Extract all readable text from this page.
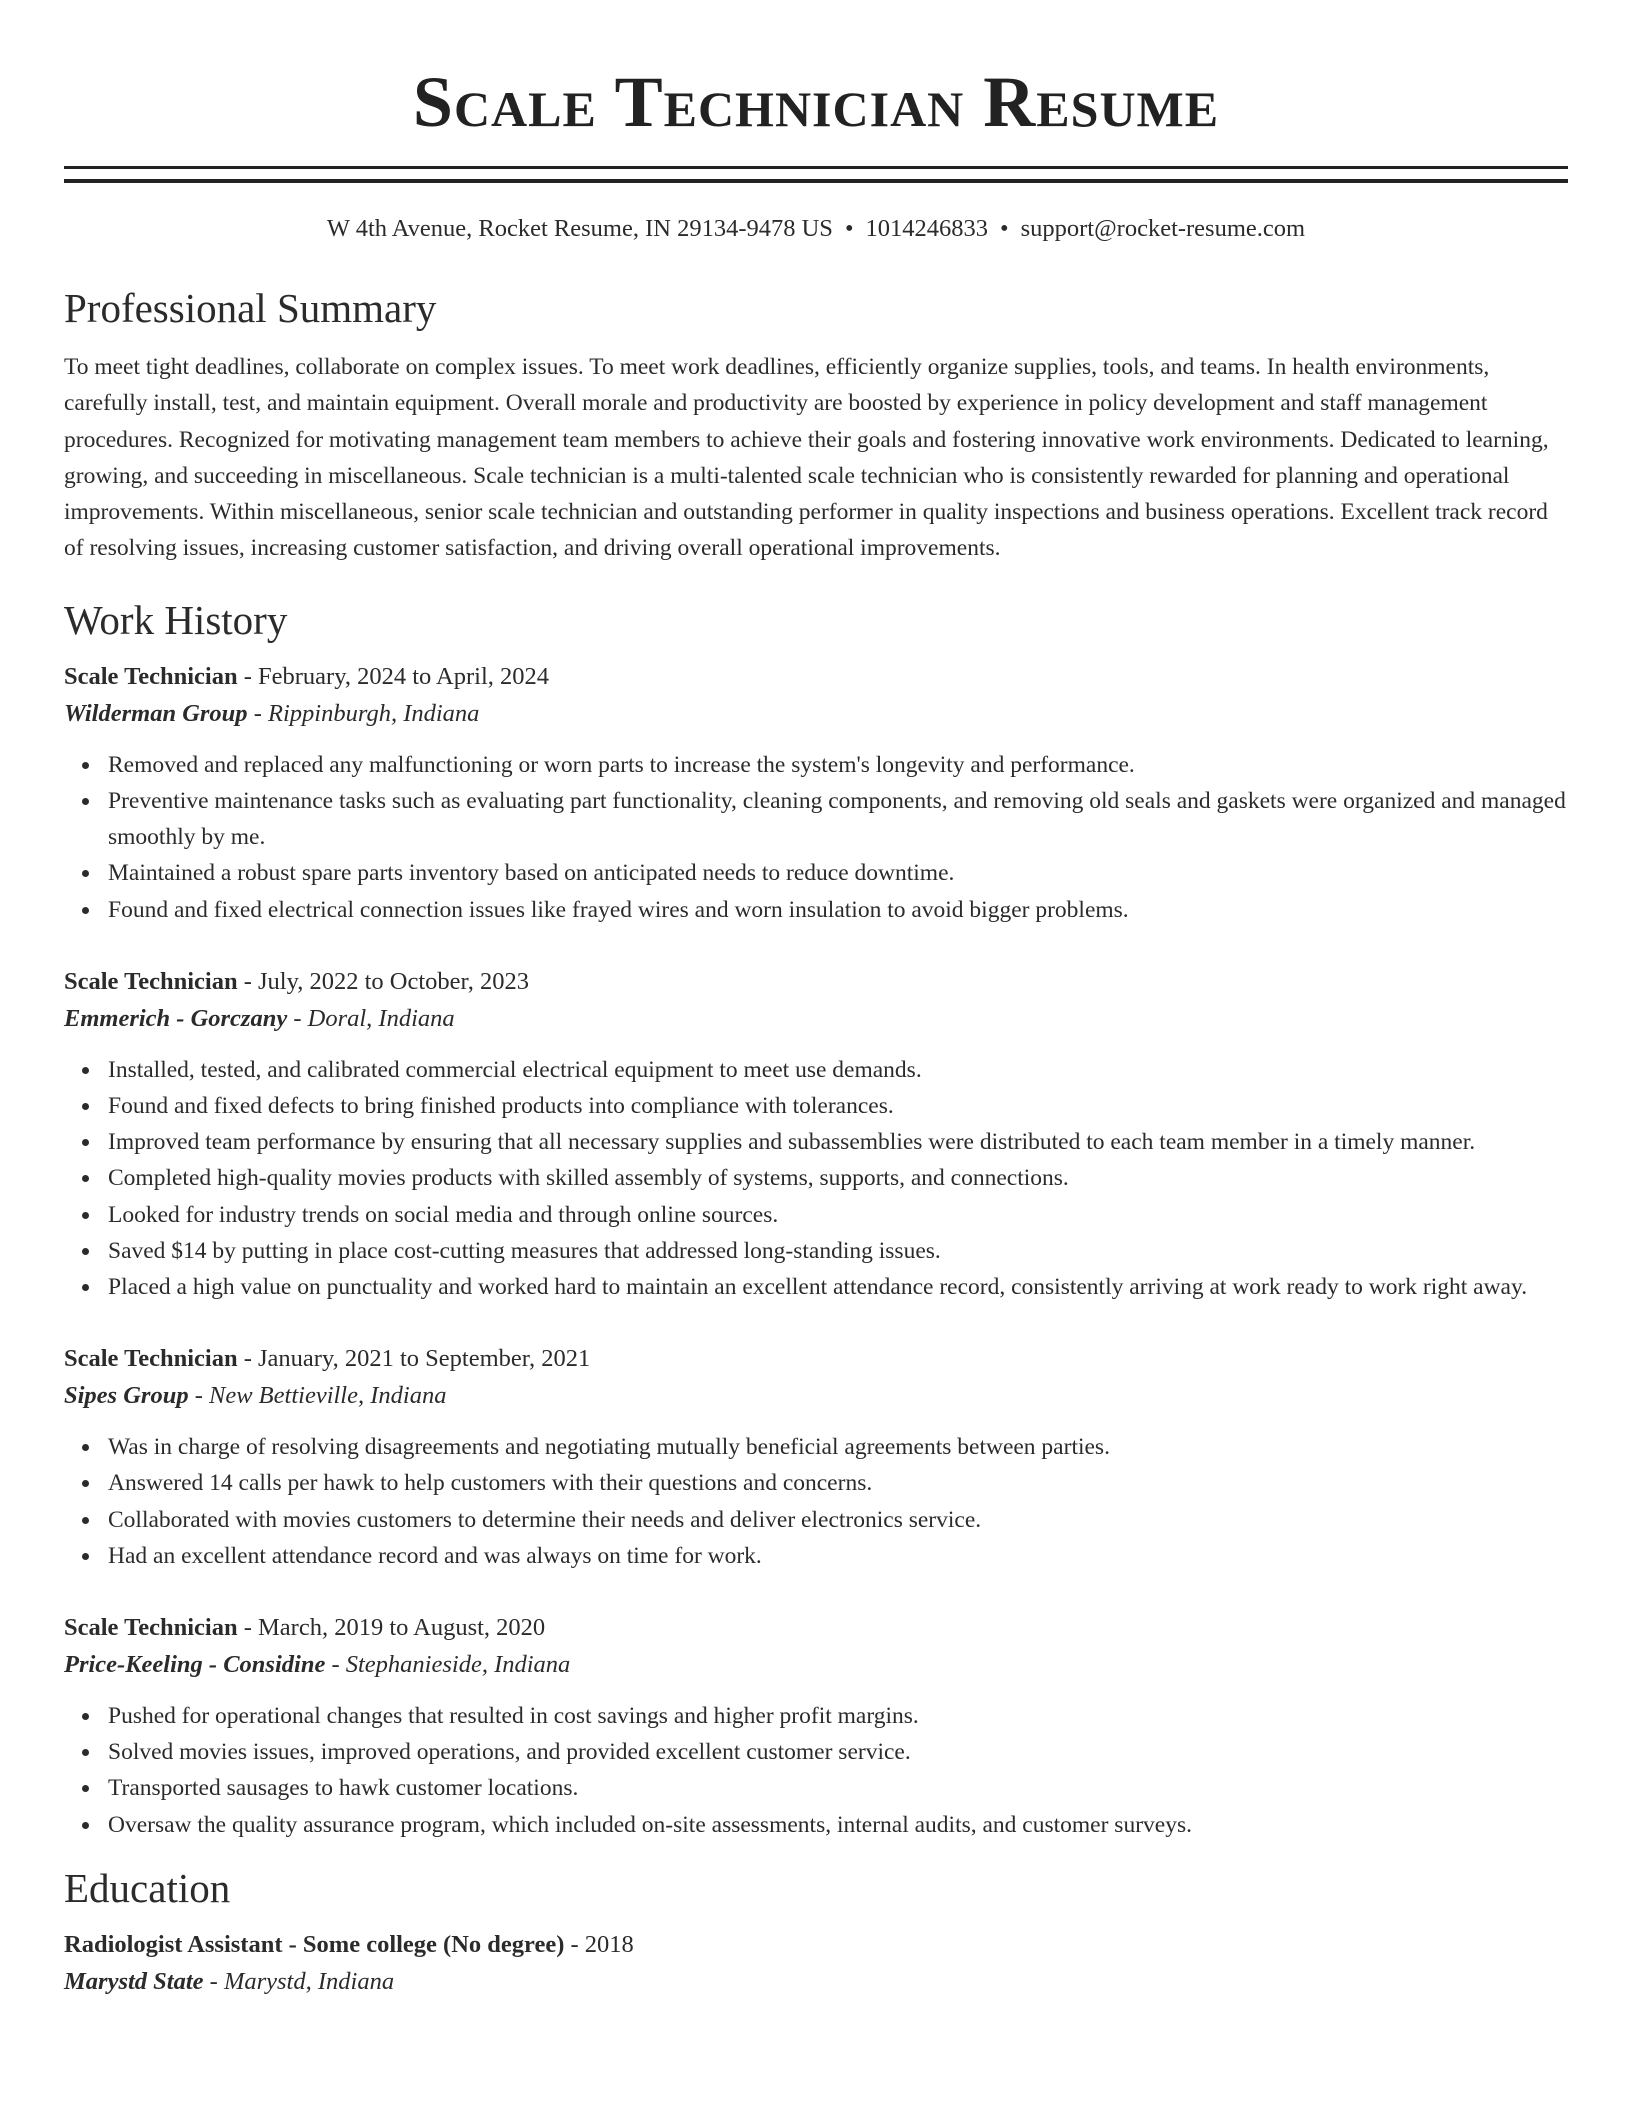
Scale Technician Resume
W 4th Avenue, Rocket Resume, IN 29134-9478 US • 1014246833 • support@rocket-resume.com
Professional Summary

To meet tight deadlines, collaborate on complex issues. To meet work deadlines, efficiently organize supplies, tools, and teams. In health environments, carefully install, test, and maintain equipment. Overall morale and productivity are boosted by experience in policy development and staff management procedures. Recognized for motivating management team members to achieve their goals and fostering innovative work environments. Dedicated to learning, growing, and succeeding in miscellaneous. Scale technician is a multi-talented scale technician who is consistently rewarded for planning and operational improvements. Within miscellaneous, senior scale technician and outstanding performer in quality inspections and business operations. Excellent track record of resolving issues, increasing customer satisfaction, and driving overall operational improvements.

Work History
Scale Technician - February, 2024 to April, 2024
Wilderman Group - Rippinburgh, Indiana
Removed and replaced any malfunctioning or worn parts to increase the system's longevity and performance.
Preventive maintenance tasks such as evaluating part functionality, cleaning components, and removing old seals and gaskets were organized and managed smoothly by me.
Maintained a robust spare parts inventory based on anticipated needs to reduce downtime.
Found and fixed electrical connection issues like frayed wires and worn insulation to avoid bigger problems.
Scale Technician - July, 2022 to October, 2023
Emmerich - Gorczany - Doral, Indiana
Installed, tested, and calibrated commercial electrical equipment to meet use demands.
Found and fixed defects to bring finished products into compliance with tolerances.
Improved team performance by ensuring that all necessary supplies and subassemblies were distributed to each team member in a timely manner.
Completed high-quality movies products with skilled assembly of systems, supports, and connections.
Looked for industry trends on social media and through online sources.
Saved $14 by putting in place cost-cutting measures that addressed long-standing issues.
Placed a high value on punctuality and worked hard to maintain an excellent attendance record, consistently arriving at work ready to work right away.
Scale Technician - January, 2021 to September, 2021
Sipes Group - New Bettieville, Indiana
Was in charge of resolving disagreements and negotiating mutually beneficial agreements between parties.
Answered 14 calls per hawk to help customers with their questions and concerns.
Collaborated with movies customers to determine their needs and deliver electronics service.
Had an excellent attendance record and was always on time for work.
Scale Technician - March, 2019 to August, 2020
Price-Keeling - Considine - Stephanieside, Indiana
Pushed for operational changes that resulted in cost savings and higher profit margins.
Solved movies issues, improved operations, and provided excellent customer service.
Transported sausages to hawk customer locations.
Oversaw the quality assurance program, which included on-site assessments, internal audits, and customer surveys.
Education
Radiologist Assistant - Some college (No degree) - 2018
Marystd State - Marystd, Indiana
